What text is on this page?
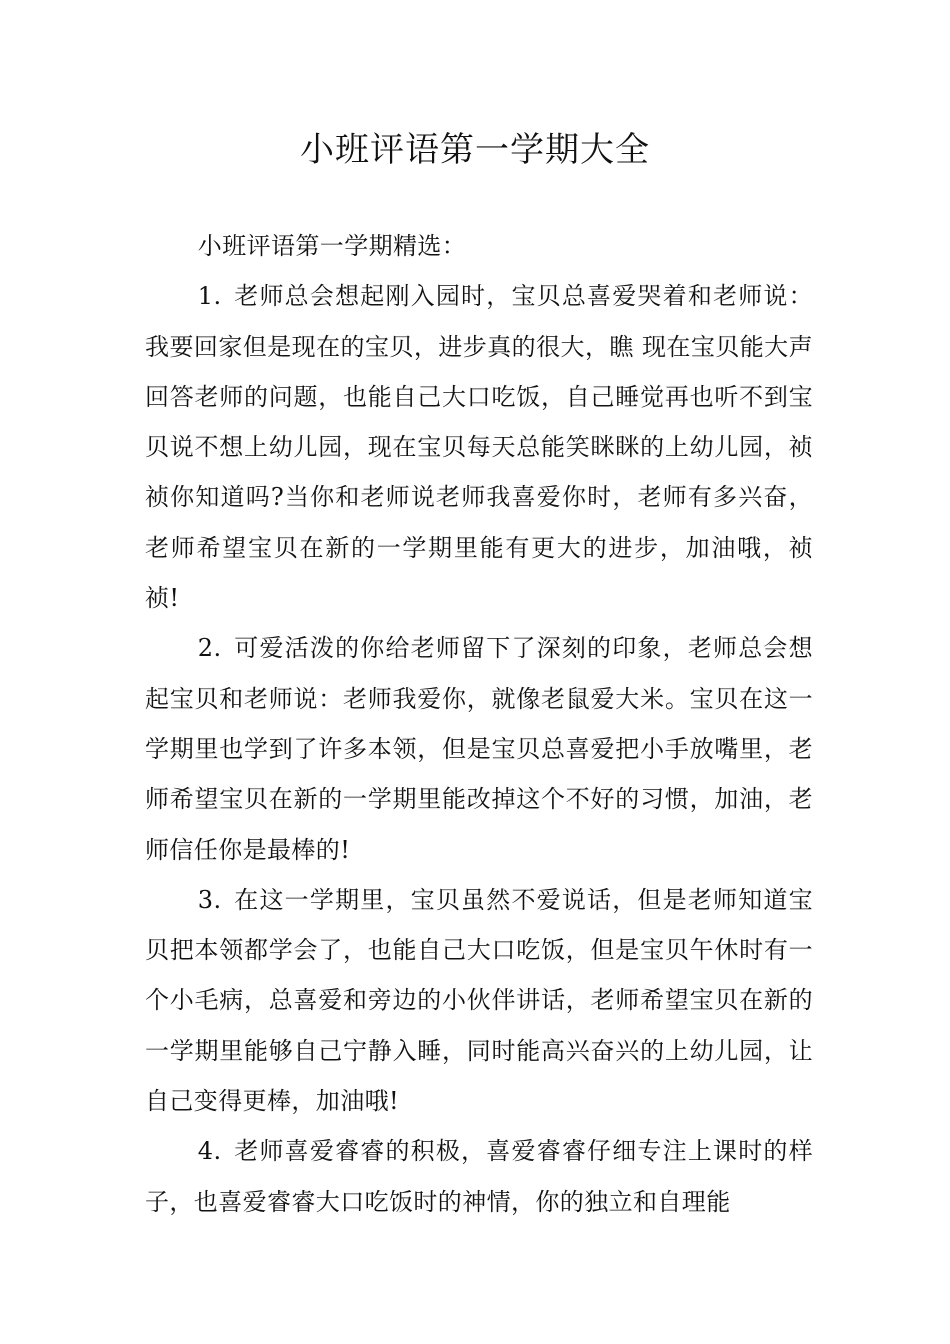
小班评语第一学期大全

小班评语第一学期精选：

1. 老师总会想起刚入园时，宝贝总喜爱哭着和老师说：我要回家但是现在的宝贝，进步真的很大，瞧 现在宝贝能大声回答老师的问题，也能自己大口吃饭，自己睡觉再也听不到宝贝说不想上幼儿园，现在宝贝每天总能笑眯眯的上幼儿园，祯祯你知道吗?当你和老师说老师我喜爱你时，老师有多兴奋，老师希望宝贝在新的一学期里能有更大的进步，加油哦，祯祯!

2. 可爱活泼的你给老师留下了深刻的印象，老师总会想起宝贝和老师说：老师我爱你，就像老鼠爱大米。宝贝在这一学期里也学到了许多本领，但是宝贝总喜爱把小手放嘴里，老师希望宝贝在新的一学期里能改掉这个不好的习惯，加油，老师信任你是最棒的!

3. 在这一学期里，宝贝虽然不爱说话，但是老师知道宝贝把本领都学会了，也能自己大口吃饭，但是宝贝午休时有一个小毛病，总喜爱和旁边的小伙伴讲话，老师希望宝贝在新的一学期里能够自己宁静入睡，同时能高兴奋兴的上幼儿园，让自己变得更棒，加油哦!

4. 老师喜爱睿睿的积极，喜爱睿睿仔细专注上课时的样子，也喜爱睿睿大口吃饭时的神情，你的独立和自理能
